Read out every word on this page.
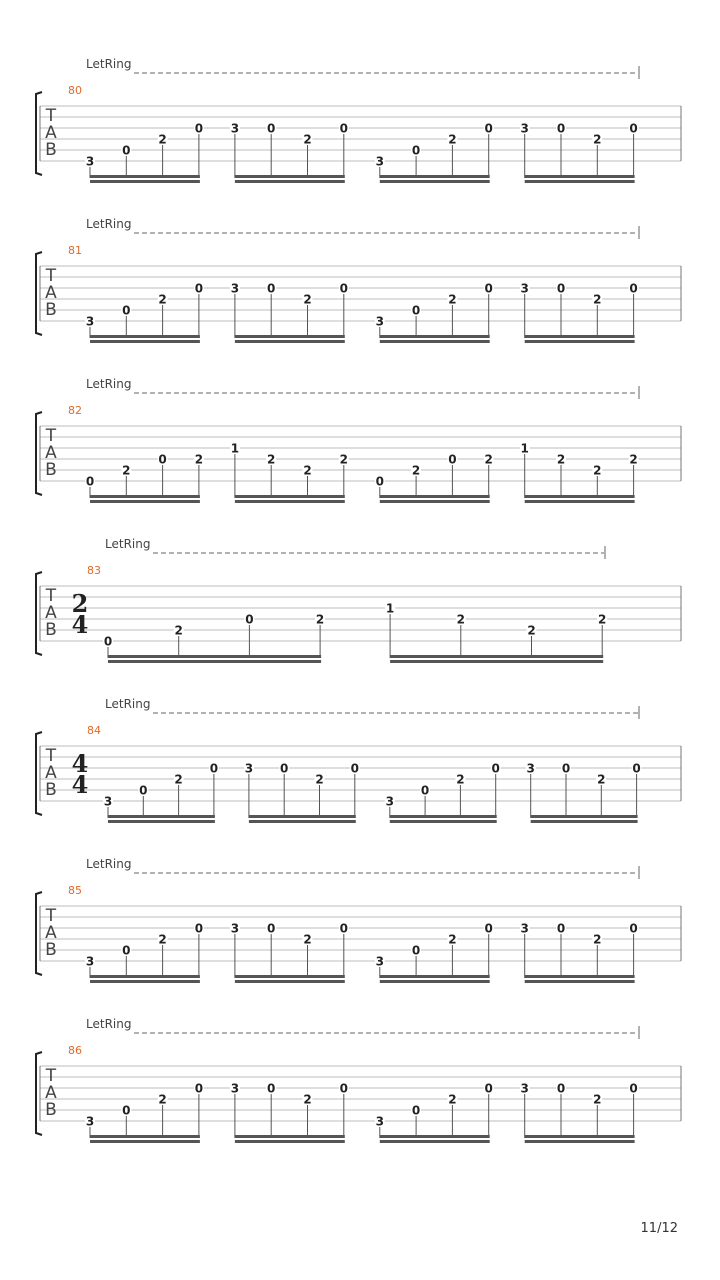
T
A
B
80
LetRing
3
0
2
0 3 0
2
0
3
0
2
0 3 0
2
0
T
A
B
81
LetRing
3
0
2
0 3 0
2
0
3
0
2
0 3 0
2
0
T
A
B
82
LetRing
0
2
0 2
1
2
2
2
0
2
0 2
1
2
2
2
T
A
B
83
LetRing
2
4
0
2
0	2
1
2
2
2
T
A
B
84
LetRing
4
4
3
0
2
0 3 0
2
0
3
0
2
0 3 0
2
0
T
A
B
85
LetRing
3
0
2
0 3 0
2
0
3
0
2
0 3 0
2
0
T
A
B
86
LetRing
3
0
2
0 3 0
2
0
3
0
2
0 3 0
2
0
11/12
